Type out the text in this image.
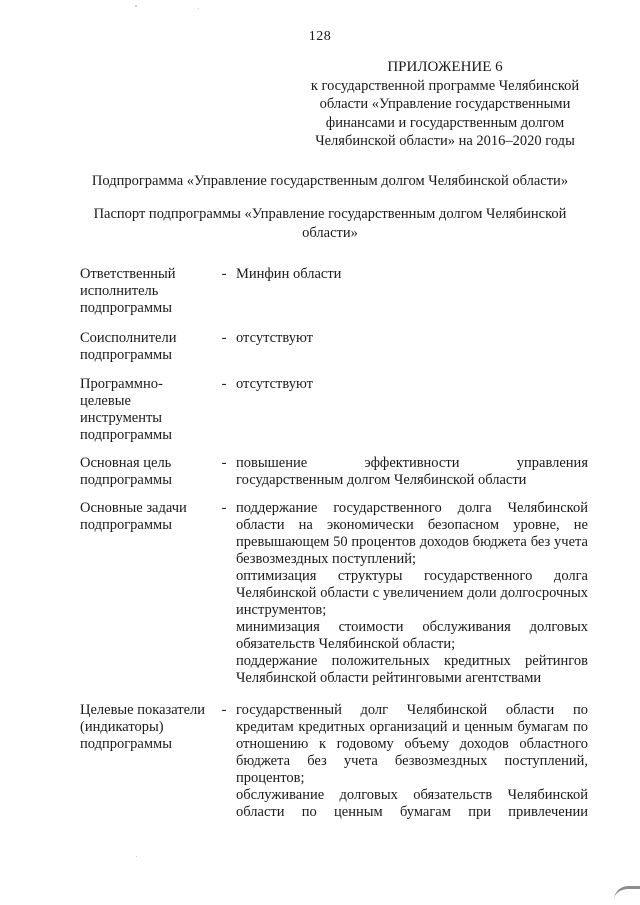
128
ПРИЛОЖЕНИЕ 6
к государственной программе Челябинской
области «Управление государственными
финансами и государственным долгом
Челябинской области» на 2016–2020 годы
Подпрограмма «Управление государственным долгом Челябинской области»
Паспорт подпрограммы «Управление государственным долгом Челябинской области»
Ответственный исполнитель подпрограммы
- Минфин области

Соисполнители подпрограммы
- отсутствуют

Программно-целевые инструменты подпрограммы
- отсутствуют

Основная цель подпрограммы
- повышение эффективности управления государственным долгом Челябинской области

Основные задачи подпрограммы
- поддержание государственного долга Челябинской области на экономически безопасном уровне, не превышающем 50 процентов доходов бюджета без учета безвозмездных поступлений;

оптимизация структуры государственного долга Челябинской области с увеличением доли долгосрочных инструментов;

минимизация стоимости обслуживания долговых обязательств Челябинской области;

поддержание положительных кредитных рейтингов Челябинской области рейтинговыми агентствами

Целевые показатели (индикаторы) подпрограммы
- государственный долг Челябинской области по кредитам кредитных организаций и ценным бумагам по отношению к годовому объему доходов областного бюджета без учета безвозмездных поступлений, процентов;

обслуживание долговых обязательств Челябинской области по ценным бумагам при привлечении
